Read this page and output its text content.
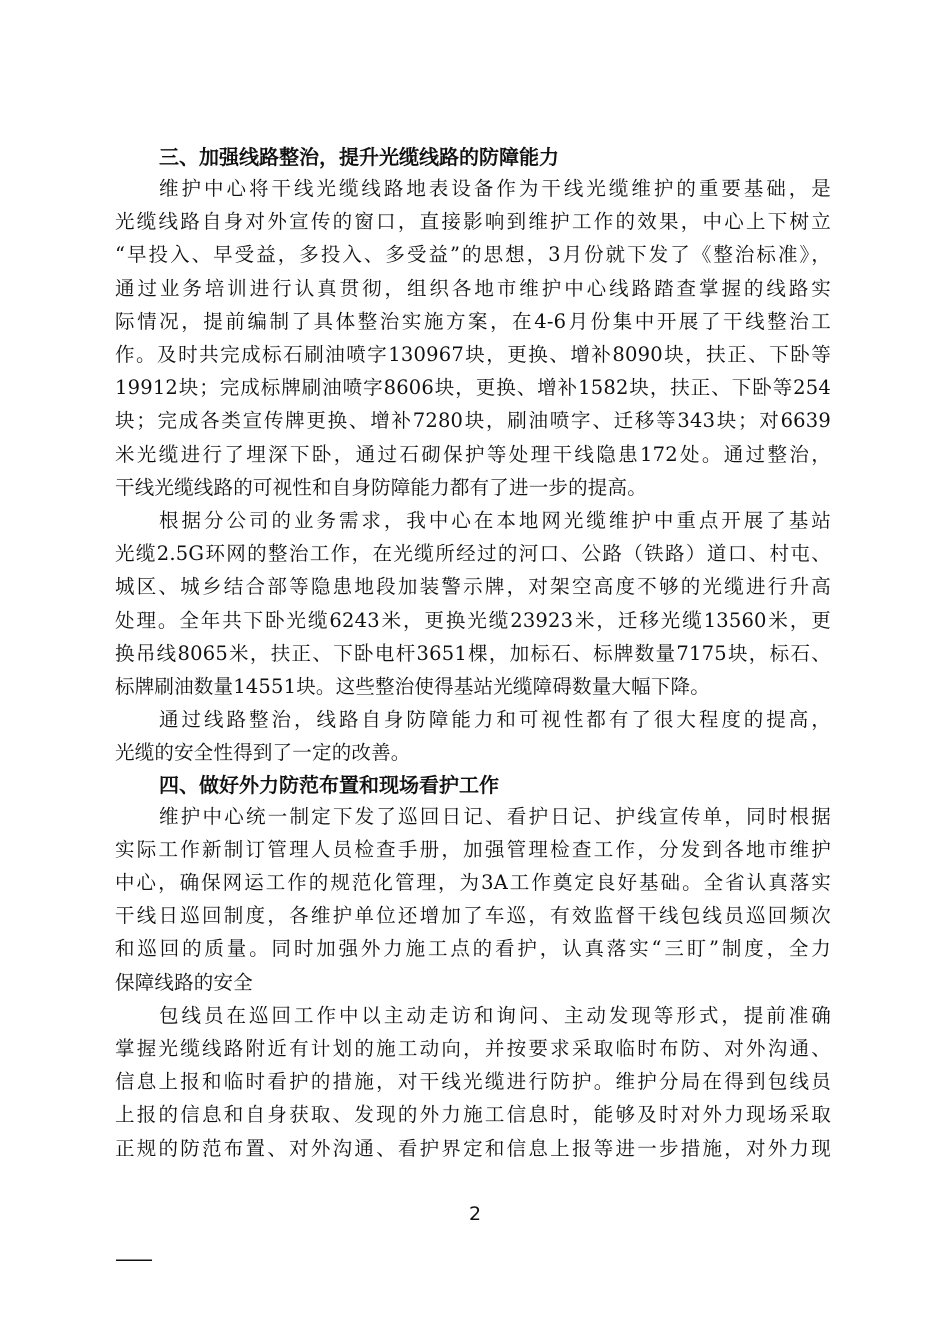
三、加强线路整治，提升光缆线路的防障能力
维护中心将干线光缆线路地表设备作为干线光缆维护的重要基础，是
光缆线路自身对外宣传的窗口，直接影响到维护工作的效果，中心上下树立
“早投入、早受益，多投入、多受益”的思想，3月份就下发了《整治标准》，
通过业务培训进行认真贯彻，组织各地市维护中心线路踏查掌握的线路实
际情况，提前编制了具体整治实施方案，在4-6月份集中开展了干线整治工
作。及时共完成标石刷油喷字130967块，更换、增补8090块，扶正、下卧等
19912块；完成标牌刷油喷字8606块，更换、增补1582块，扶正、下卧等254
块；完成各类宣传牌更换、增补7280块，刷油喷字、迁移等343块；对6639
米光缆进行了埋深下卧，通过石砌保护等处理干线隐患172处。通过整治，
干线光缆线路的可视性和自身防障能力都有了进一步的提高。
根据分公司的业务需求，我中心在本地网光缆维护中重点开展了基站
光缆2.5G环网的整治工作，在光缆所经过的河口、公路（铁路）道口、村屯、
城区、城乡结合部等隐患地段加装警示牌，对架空高度不够的光缆进行升高
处理。全年共下卧光缆6243米，更换光缆23923米，迁移光缆13560米，更
换吊线8065米，扶正、下卧电杆3651棵，加标石、标牌数量7175块，标石、
标牌刷油数量14551块。这些整治使得基站光缆障碍数量大幅下降。
通过线路整治，线路自身防障能力和可视性都有了很大程度的提高，
光缆的安全性得到了一定的改善。
四、做好外力防范布置和现场看护工作
维护中心统一制定下发了巡回日记、看护日记、护线宣传单，同时根据
实际工作新制订管理人员检查手册，加强管理检查工作，分发到各地市维护
中心，确保网运工作的规范化管理，为3A工作奠定良好基础。全省认真落实
干线日巡回制度，各维护单位还增加了车巡，有效监督干线包线员巡回频次
和巡回的质量。同时加强外力施工点的看护，认真落实“三盯”制度，全力
保障线路的安全
包线员在巡回工作中以主动走访和询问、主动发现等形式，提前准确
掌握光缆线路附近有计划的施工动向，并按要求采取临时布防、对外沟通、
信息上报和临时看护的措施，对干线光缆进行防护。维护分局在得到包线员
上报的信息和自身获取、发现的外力施工信息时，能够及时对外力现场采取
正规的防范布置、对外沟通、看护界定和信息上报等进一步措施，对外力现
2
——
